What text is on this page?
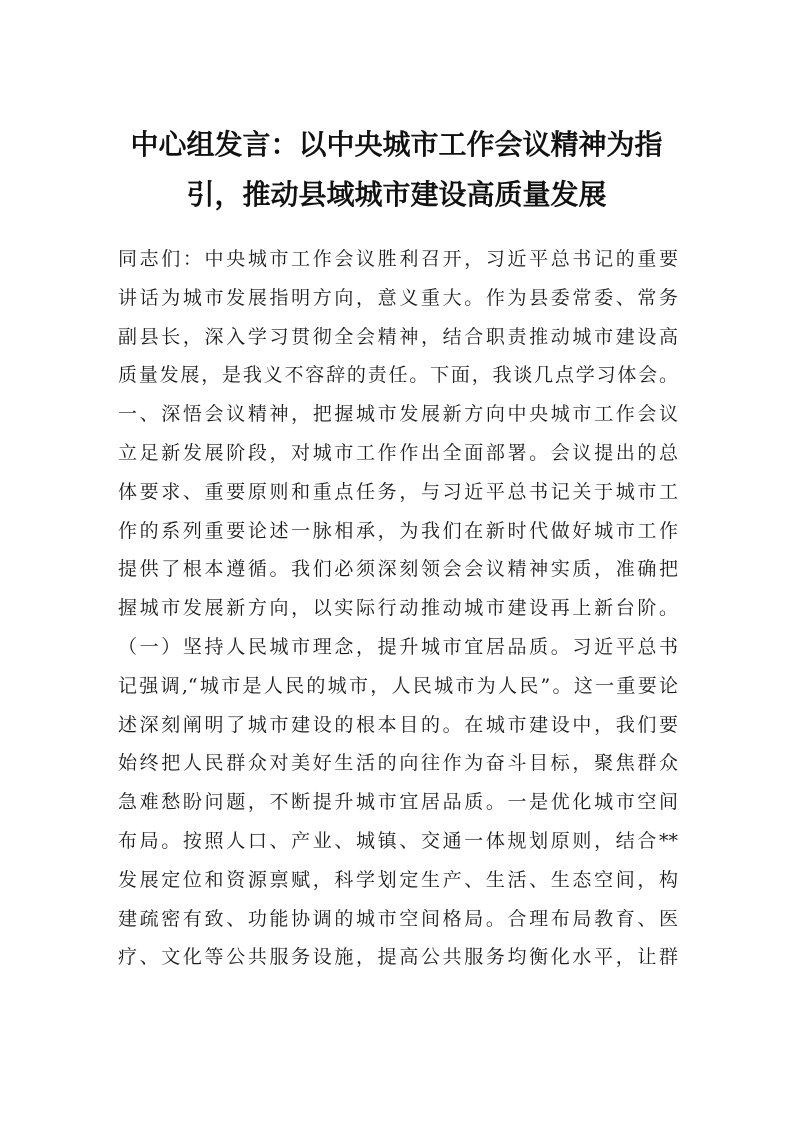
中心组发言：以中央城市工作会议精神为指
引，推动县域城市建设高质量发展
同志们：中央城市工作会议胜利召开，习近平总书记的重要
讲话为城市发展指明方向，意义重大。作为县委常委、常务
副县长，深入学习贯彻全会精神，结合职责推动城市建设高
质量发展，是我义不容辞的责任。下面，我谈几点学习体会。
一、深悟会议精神，把握城市发展新方向中央城市工作会议
立足新发展阶段，对城市工作作出全面部署。会议提出的总
体要求、重要原则和重点任务，与习近平总书记关于城市工
作的系列重要论述一脉相承，为我们在新时代做好城市工作
提供了根本遵循。我们必须深刻领会会议精神实质，准确把
握城市发展新方向，以实际行动推动城市建设再上新台阶。
（一）坚持人民城市理念，提升城市宜居品质。习近平总书
记强调,“城市是人民的城市，人民城市为人民”。这一重要论
述深刻阐明了城市建设的根本目的。在城市建设中，我们要
始终把人民群众对美好生活的向往作为奋斗目标，聚焦群众
急难愁盼问题，不断提升城市宜居品质。一是优化城市空间
布局。按照人口、产业、城镇、交通一体规划原则，结合**
发展定位和资源禀赋，科学划定生产、生活、生态空间，构
建疏密有致、功能协调的城市空间格局。合理布局教育、医
疗、文化等公共服务设施，提高公共服务均衡化水平，让群
